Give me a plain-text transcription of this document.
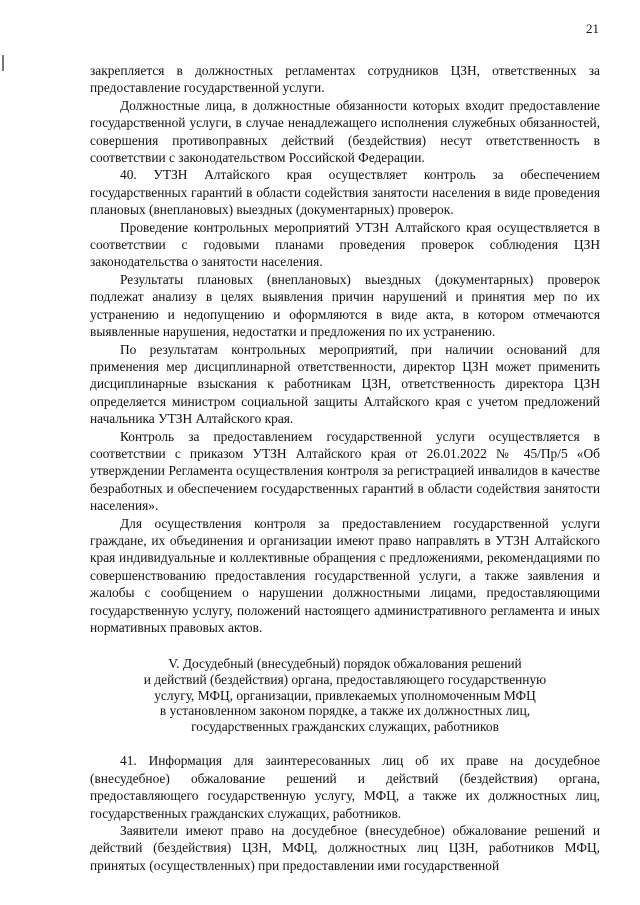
21

закрепляется в должностных регламентах сотрудников ЦЗН, ответственных за предоставление государственной услуги.

Должностные лица, в должностные обязанности которых входит предоставление государственной услуги, в случае ненадлежащего исполнения служебных обязанностей, совершения противоправных действий (бездействия) несут ответственность в соответствии с законодательством Российской Федерации.

40. УТЗН Алтайского края осуществляет контроль за обеспечением государственных гарантий в области содействия занятости населения в виде проведения плановых (внеплановых) выездных (документарных) проверок.

Проведение контрольных мероприятий УТЗН Алтайского края осуществляется в соответствии с годовыми планами проведения проверок соблюдения ЦЗН законодательства о занятости населения.

Результаты плановых (внеплановых) выездных (документарных) проверок подлежат анализу в целях выявления причин нарушений и принятия мер по их устранению и недопущению и оформляются в виде акта, в котором отмечаются выявленные нарушения, недостатки и предложения по их устранению.

По результатам контрольных мероприятий, при наличии оснований для применения мер дисциплинарной ответственности, директор ЦЗН может применить дисциплинарные взыскания к работникам ЦЗН, ответственность директора ЦЗН определяется министром социальной защиты Алтайского края с учетом предложений начальника УТЗН Алтайского края.

Контроль за предоставлением государственной услуги осуществляется в соответствии с приказом УТЗН Алтайского края от 26.01.2022 № 45/Пр/5 «Об утверждении Регламента осуществления контроля за регистрацией инвалидов в качестве безработных и обеспечением государственных гарантий в области содействия занятости населения».

Для осуществления контроля за предоставлением государственной услуги граждане, их объединения и организации имеют право направлять в УТЗН Алтайского края индивидуальные и коллективные обращения с предложениями, рекомендациями по совершенствованию предоставления государственной услуги, а также заявления и жалобы с сообщением о нарушении должностными лицами, предоставляющими государственную услугу, положений настоящего административного регламента и иных нормативных правовых актов.

V. Досудебный (внесудебный) порядок обжалования решений
и действий (бездействия) органа, предоставляющего государственную
услугу, МФЦ, организации, привлекаемых уполномоченным МФЦ
в установленном законом порядке, а также их должностных лиц,
государственных гражданских служащих, работников

41. Информация для заинтересованных лиц об их праве на досудебное (внесудебное) обжалование решений и действий (бездействия) органа, предоставляющего государственную услугу, МФЦ, а также их должностных лиц, государственных гражданских служащих, работников.

Заявители имеют право на досудебное (внесудебное) обжалование решений и действий (бездействия) ЦЗН, МФЦ, должностных лиц ЦЗН, работников МФЦ, принятых (осуществленных) при предоставлении ими государственной
